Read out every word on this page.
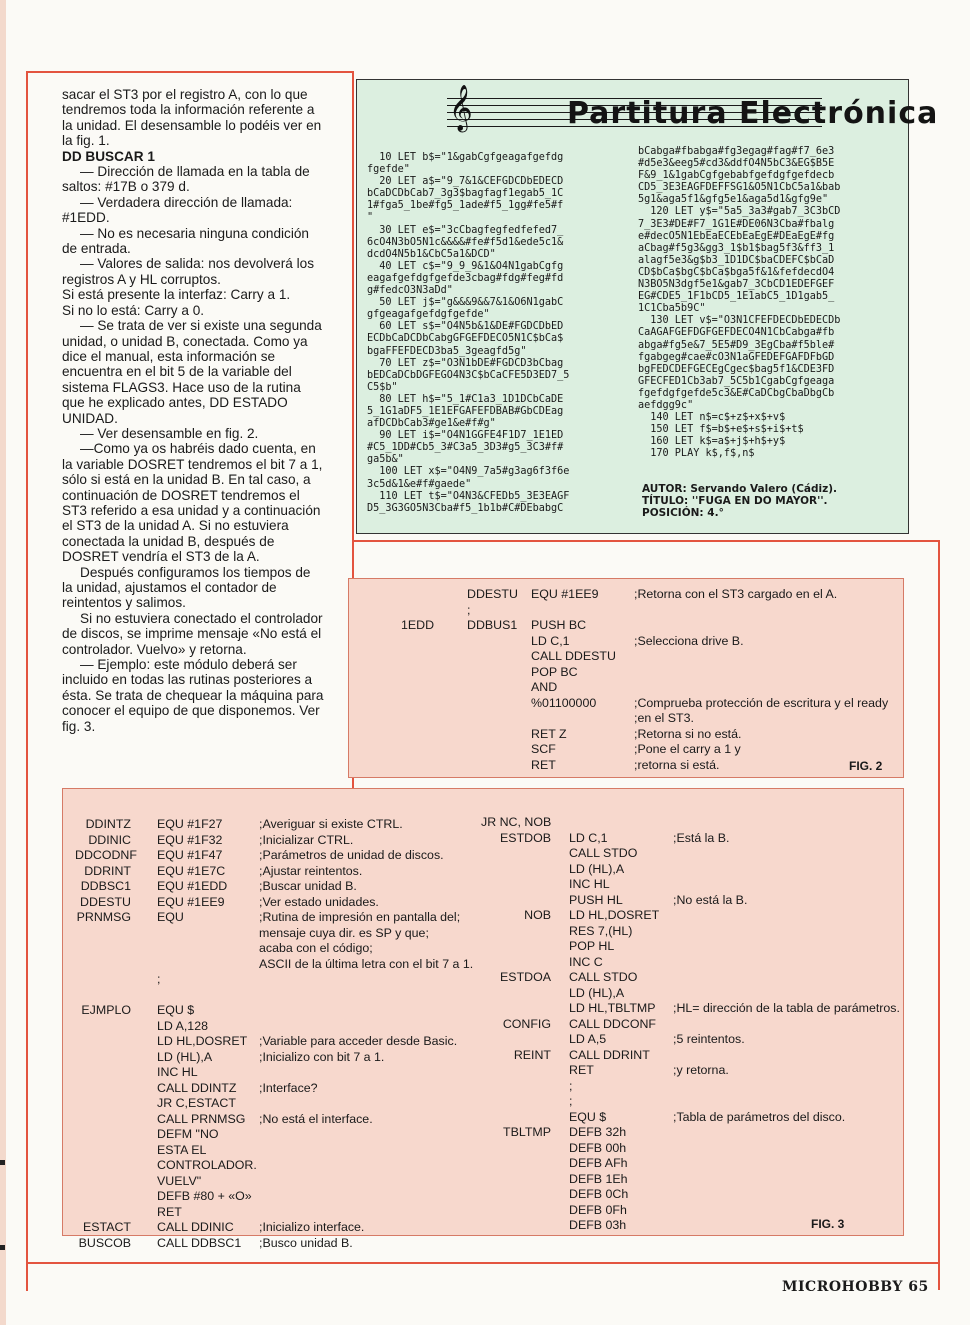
sacar el ST3 por el registro A, con lo que tendremos toda la información referente a la unidad. El desensamble lo podéis ver en la fig. 1.

DD BUSCAR 1

— Dirección de llamada en la tabla de saltos: #17B o 379 d.

— Verdadera dirección de llamada: #1EDD.

— No es necesaria ninguna condición de entrada.

— Valores de salida: nos devolverá los registros A y HL corruptos.

Si está presente la interfaz: Carry a 1.

Si no lo está: Carry a 0.

— Se trata de ver si existe una segunda unidad, o unidad B, conectada. Como ya dice el manual, esta información se encuentra en el bit 5 de la variable del sistema FLAGS3. Hace uso de la rutina que he explicado antes, DD ESTADO UNIDAD.

— Ver desensamble en fig. 2.

—Como ya os habréis dado cuenta, en la variable DOSRET tendremos el bit 7 a 1, sólo si está en la unidad B. En tal caso, a continuación de DOSRET tendremos el ST3 referido a esa unidad y a continuación el ST3 de la unidad A. Si no estuviera conectada la unidad B, después de DOSRET vendría el ST3 de la A.

Después configuramos los tiempos de la unidad, ajustamos el contador de reintentos y salimos.

Si no estuviera conectado el controlador de discos, se imprime mensaje «No está el controlador. Vuelvo» y retorna.

— Ejemplo: este módulo deberá ser incluido en todas las rutinas posteriores a ésta. Se trata de chequear la máquina para conocer el equipo de que disponemos. Ver fig. 3.

𝄞	Partitura Electrónica
10 LET b$="1&gabCgfgeagafgefdg
fgefde"
20 LET a$="9_7&1&CEFGDCDbEDECD
bCaDCDbCab7_3g3$bagfagf1egab5_1C
1#fga5_1be#fg5_1ade#f5_1gg#fe5#f
"
30 LET e$="3cCbagfegfedfefed7_
6cO4N3bO5N1c&&&&#fe#f5d1&ede5c1&
dcdO4N5b1&CbC5a1&DCD"
40 LET c$="9_9_9&1&O4N1gabCgfg
eagafgefdgfgefde3cbag#fdg#feg#fd
g#fedcO3N3aDd"
50 LET j$="g&&&9&&7&1&O6N1gabC
gfgeagafgefdgfgefde"
60 LET s$="O4N5b&1&DE#FGDCDbED
ECDbCaDCDbCabgGFGEFDECO5N1C$bCa$
bgaFFEFDECD3ba5_3geagfd5g"
70 LET z$="O3N1bDE#FGDCD3bCbag
bEDCaDCbDGFEGO4N3C$bCaCFE5D3ED7_5
C5$b"
80 LET h$="5_1#C1a3_1D1DCbCaDE
5_1G1aDF5_1E1EFGAFEFDBAB#GbCDEag
afDCDbCab3#ge1&e#f#g"
90 LET i$="O4N1GGFE4F1D7_1E1ED
#C5_1DD#Cb5_3#C3a5_3D3#g5_3C3#f#
ga5b&"
100 LET x$="O4N9_7a5#g3ag6f3f6e
3c5d&1&e#f#gaede"
110 LET t$="O4N3&CFEDb5_3E3EAGF
D5_3G3GO5N3Cba#f5_1b1b#C#DEbabgC
bCabga#fbabga#fg3egag#fag#f7_6e3
#d5e3&eeg5#cd3&ddfO4N5bC3&EG$B5E
F&9_1&1gabCgfgebabfgefdgfgefdecb
CD5_3E3EAGFDEFFSG1&O5N1CbC5a1&bab
5g1&aga5f1&gfg5e1&aga5d1&gfg9e"
120 LET y$="5a5_3a3#gab7_3C3bCD
7_3E3#DE#F7_1G1E#DE06N3Cba#fbalg
e#decO5N1EbEaECEbEaEgE#DEaEgE#fg
aCbag#f5g3&gg3_1$b1$bag5f3&ff3_1
alagf5e3&g$b3_1D1DC$baCDEFC$bCaD
CD$bCa$bgC$bCa$bga5f&1&fefdecdO4
N3BO5N3dgf5e1&gab7_3CbCD1EDEFGEF
EG#CDE5_1F1bCD5_1E1abC5_1D1gab5_
1C1Cba5b9C"
130 LET v$="O3N1CFEFDECDbEDECDb
CaAGAFGEFDGFGEFDECO4N1CbCabga#fb
abga#fg5e&7_5E5#D9_3EgCba#f5ble#
fgabgeg#cae#cO3N1aGFEDEFGAFDFbGD
bgFEDCDEFGECEgCgec$bag5f1&CDE3FD
GFECFED1Cb3ab7_5C5b1CgabCgfgeaga
fgefdgfgefde5c3&E#CaDCbgCbaDbgCb
aefdgg9c"
140 LET n$=c$+z$+x$+v$
150 LET f$=b$+e$+s$+i$+t$
160 LET k$=a$+j$+h$+y$
170 PLAY k$,f$,n$
AUTOR: Servando Valero (Cádiz).
TÍTULO: ''FUGA EN DO MAYOR''.
POSICIÓN: 4.°

1EDD
DDESTU
;
DDBUS1
EQU #1EE9

PUSH BC
LD C,1
CALL DDESTU
POP BC
AND
%01100000

RET Z
SCF
RET
;Retorna con el ST3 cargado en el A.

;Selecciona drive B.

;Comprueba protección de escritura y el ready
;en el ST3.
;Retorna si no está.
;Pone el carry a 1 y
;retorna si está.	FIG. 2
DDINTZ
DDINIC
DDCODNF
DDRINT
DDBSC1
DDESTU
PRNMSG

EJMPLO

ESTACT
BUSCOB
EQU #1F27
EQU #1F32
EQU #1F47
EQU #1E7C
EQU #1EDD
EQU #1EE9
EQU

;

EQU $
LD A,128
LD HL,DOSRET
LD (HL),A
INC HL
CALL DDINTZ
JR C,ESTACT
CALL PRNMSG
DEFM "NO
ESTA EL
CONTROLADOR.
VUELV"
DEFB #80 + «O»
RET
CALL DDINIC
CALL DDBSC1
;Averiguar si existe CTRL.
;Inicializar CTRL.
;Parámetros de unidad de discos.
;Ajustar reintentos.
;Buscar unidad B.
;Ver estado unidades.
;Rutina de impresión en pantalla del;
mensaje cuya dir. es SP y que;
acaba con el código;
ASCII de la última letra con el bit 7 a 1.

;Variable para acceder desde Basic.
;Inicializo con bit 7 a 1.

;Interface?

;No está el interface.

;Inicializo interface.
;Busco unidad B.
JR NC, NOB
ESTDOB

NOB

ESTDOA

CONFIG

REINT

TBLTMP

LD C,1
CALL STDO
LD (HL),A
INC HL
PUSH HL
LD HL,DOSRET
RES 7,(HL)
POP HL
INC C
CALL STDO
LD (HL),A
LD HL,TBLTMP
CALL DDCONF
LD A,5
CALL DDRINT
RET
;
;
EQU $
DEFB 32h
DEFB 00h
DEFB AFh
DEFB 1Eh
DEFB 0Ch
DEFB 0Fh
DEFB 03h

;Está la B.

;No está la B.

;HL= dirección de la tabla de parámetros.

;5 reintentos.

;y retorna.

;Tabla de parámetros del disco.
FIG. 3
MICROHOBBY 65
